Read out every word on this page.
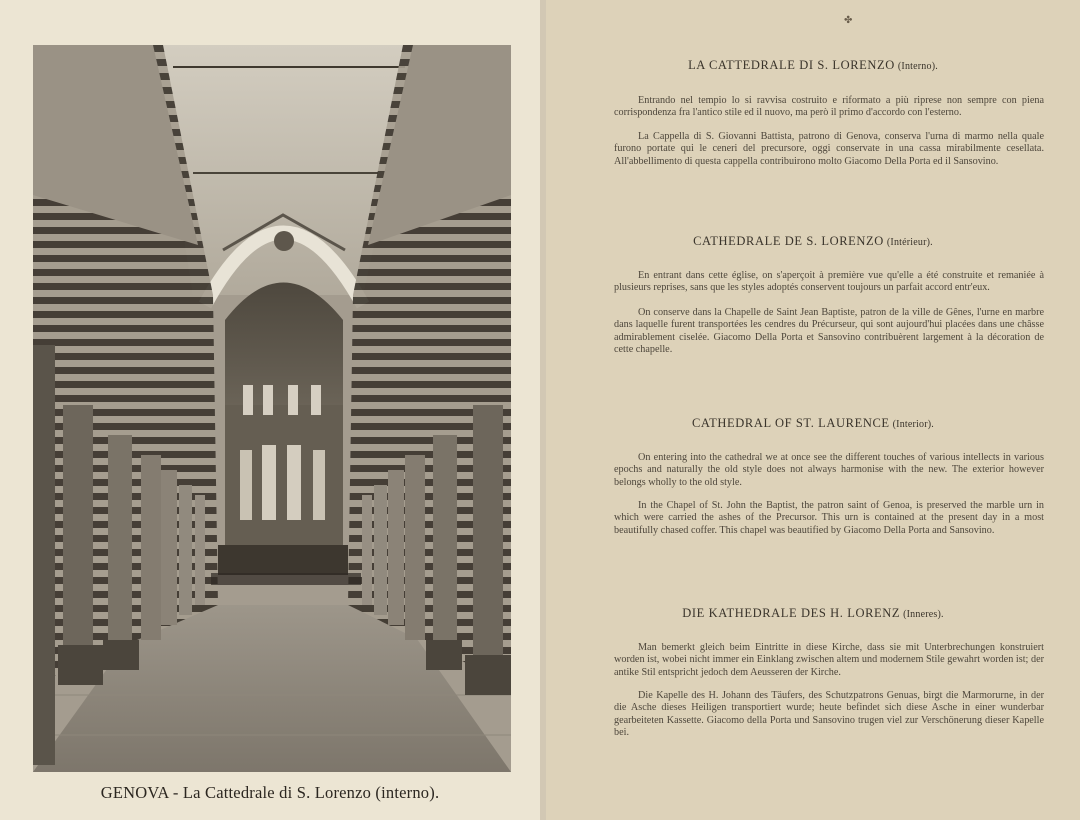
GENOVA - La Cattedrale di S. Lorenzo (interno).
✤
LA CATTEDRALE DI S. LORENZO (Interno).

Entrando nel tempio lo si ravvisa costruito e riformato a più riprese non sempre con piena corrispondenza fra l'antico stile ed il nuovo, ma però il primo d'accordo con l'esterno.

La Cappella di S. Giovanni Battista, patrono di Genova, conserva l'urna di marmo nella quale furono portate qui le ceneri del precursore, oggi conservate in una cassa mirabilmente cesellata. All'abbellimento di questa cappella contribuirono molto Giacomo Della Porta ed il Sansovino.

CATHEDRALE DE S. LORENZO (Intérieur).

En entrant dans cette église, on s'aperçoit à première vue qu'elle a été construite et remaniée à plusieurs reprises, sans que les styles adoptés conservent toujours un parfait accord entr'eux.

On conserve dans la Chapelle de Saint Jean Baptiste, patron de la ville de Gênes, l'urne en marbre dans laquelle furent transportées les cendres du Précurseur, qui sont aujourd'hui placées dans une châsse admirablement ciselée. Giacomo Della Porta et Sansovino contribuèrent largement à la décoration de cette chapelle.

CATHEDRAL OF ST. LAURENCE (Interior).

On entering into the cathedral we at once see the different touches of various intellects in various epochs and naturally the old style does not always harmonise with the new. The exterior however belongs wholly to the old style.

In the Chapel of St. John the Baptist, the patron saint of Genoa, is preserved the marble urn in which were carried the ashes of the Precursor. This urn is contained at the present day in a most beautifully chased coffer. This chapel was beautified by Giacomo Della Porta and Sansovino.

DIE KATHEDRALE DES H. LORENZ (Inneres).

Man bemerkt gleich beim Eintritte in diese Kirche, dass sie mit Unterbrechungen konstruiert worden ist, wobei nicht immer ein Einklang zwischen altem und modernem Stile gewahrt worden ist; der antike Stil entspricht jedoch dem Aeusseren der Kirche.

Die Kapelle des H. Johann des Täufers, des Schutzpatrons Genuas, birgt die Marmorurne, in der die Asche dieses Heiligen transportiert wurde; heute befindet sich diese Asche in einer wunderbar gearbeiteten Kassette. Giacomo della Porta und Sansovino trugen viel zur Verschönerung dieser Kapelle bei.
